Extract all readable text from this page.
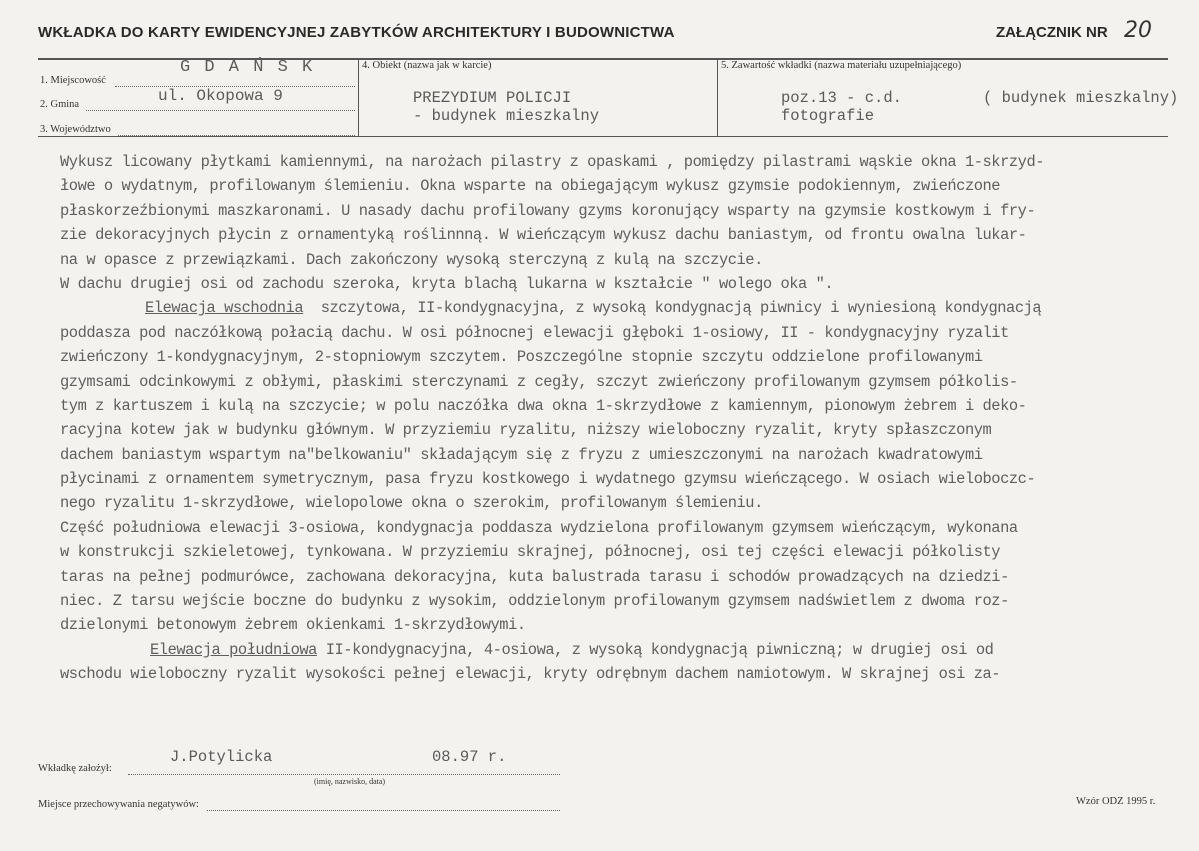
WKŁADKA DO KARTY EWIDENCYJNEJ ZABYTKÓW ARCHITEKTURY I BUDOWNICTWA	ZAŁĄCZNIK NR 20
1. Miejscowość
G D A Ń S K
2. Gmina	ul. Okopowa 9
3. Województwo
4. Obiekt (nazwa jak w karcie)
PREZYDIUM POLICJI
- budynek mieszkalny
5. Zawartość wkładki (nazwa materiału uzupełniającego)
poz.13 - c.d.	( budynek mieszkalny)
fotografie
Wykusz licowany płytkami kamiennymi, na narożach pilastry z opaskami , pomiędzy pilastrami wąskie okna 1-skrzyd-
łowe o wydatnym, profilowanym ślemieniu. Okna wsparte na obiegającym wykusz gzymsie podokiennym, zwieńczone
płaskorzeźbionymi maszkaronami. U nasady dachu profilowany gzyms koronujący wsparty na gzymsie kostkowym i fry-
zie dekoracyjnych płycin z ornamentyką roślinnną. W wieńczącym wykusz dachu baniastym, od frontu owalna lukar-
na w opasce z przewiązkami. Dach zakończony wysoką sterczyną z kulą na szczycie.
W dachu drugiej osi od zachodu szeroka, kryta blachą lukarna w kształcie " wolego oka ".
Elewacja wschodnia  szczytowa, II-kondygnacyjna, z wysoką kondygnacją piwnicy i wyniesioną kondygnacją
poddasza pod naczółkową połacią dachu. W osi północnej elewacji głęboki 1-osiowy, II - kondygnacyjny ryzalit
zwieńczony 1-kondygnacyjnym, 2-stopniowym szczytem. Poszczególne stopnie szczytu oddzielone profilowanymi
gzymsami odcinkowymi z obłymi, płaskimi sterczynami z cegły, szczyt zwieńczony profilowanym gzymsem półkolis-
tym z kartuszem i kulą na szczycie; w polu naczółka dwa okna 1-skrzydłowe z kamiennym, pionowym żebrem i deko-
racyjna kotew jak w budynku głównym. W przyziemiu ryzalitu, niższy wieloboczny ryzalit, kryty spłaszczonym
dachem baniastym wspartym na"belkowaniu" składającym się z fryzu z umieszczonymi na narożach kwadratowymi
płycinami z ornamentem symetrycznym, pasa fryzu kostkowego i wydatnego gzymsu wieńczącego. W osiach wieloboczc-
nego ryzalitu 1-skrzydłowe, wielopolowe okna o szerokim, profilowanym ślemieniu.
Część południowa elewacji 3-osiowa, kondygnacja poddasza wydzielona profilowanym gzymsem wieńczącym, wykonana
w konstrukcji szkieletowej, tynkowana. W przyziemiu skrajnej, północnej, osi tej części elewacji półkolisty
taras na pełnej podmurówce, zachowana dekoracyjna, kuta balustrada tarasu i schodów prowadzących na dziedzi-
niec. Z tarsu wejście boczne do budynku z wysokim, oddzielonym profilowanym gzymsem nadświetlem z dwoma roz-
dzielonymi betonowym żebrem okienkami 1-skrzydłowymi.
Elewacja południowa II-kondygnacyjna, 4-osiowa, z wysoką kondygnacją piwniczną; w drugiej osi od
wschodu wieloboczny ryzalit wysokości pełnej elewacji, kryty odrębnym dachem namiotowym. W skrajnej osi za-
Wkładkę założył:
J.Potylicka	08.97 r.
(imię, nazwisko, data)
Miejsce przechowywania negatywów:	Wzór ODZ 1995 r.
